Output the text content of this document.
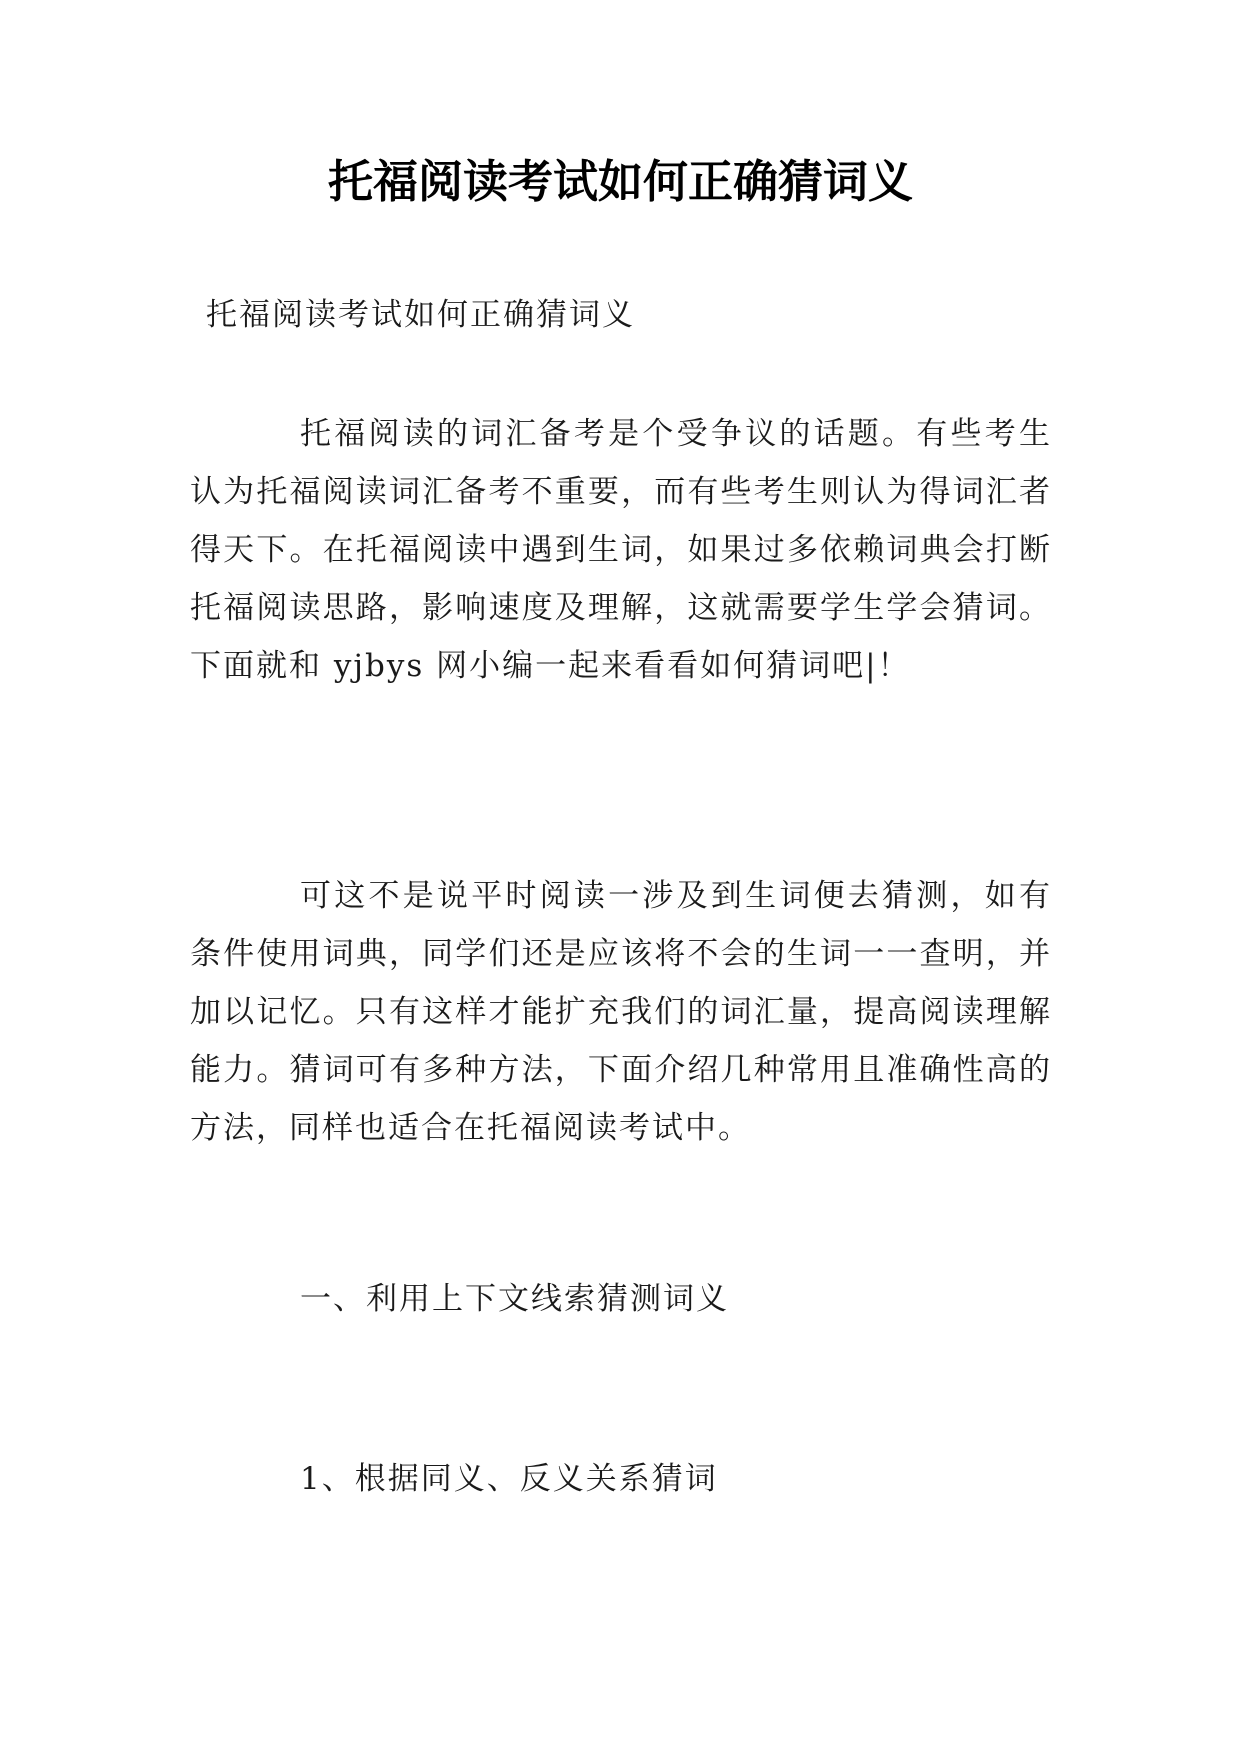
托福阅读考试如何正确猜词义
托福阅读考试如何正确猜词义
托福阅读的词汇备考是个受争议的话题。有些考生认为托福阅读词汇备考不重要，而有些考生则认为得词汇者得天下。在托福阅读中遇到生词，如果过多依赖词典会打断托福阅读思路，影响速度及理解，这就需要学生学会猜词。下面就和 yjbys 网小编一起来看看如何猜词吧|！
可这不是说平时阅读一涉及到生词便去猜测，如有条件使用词典，同学们还是应该将不会的生词一一查明，并加以记忆。只有这样才能扩充我们的词汇量，提高阅读理解能力。猜词可有多种方法，下面介绍几种常用且准确性高的方法，同样也适合在托福阅读考试中。
一、利用上下文线索猜测词义
1、根据同义、反义关系猜词
